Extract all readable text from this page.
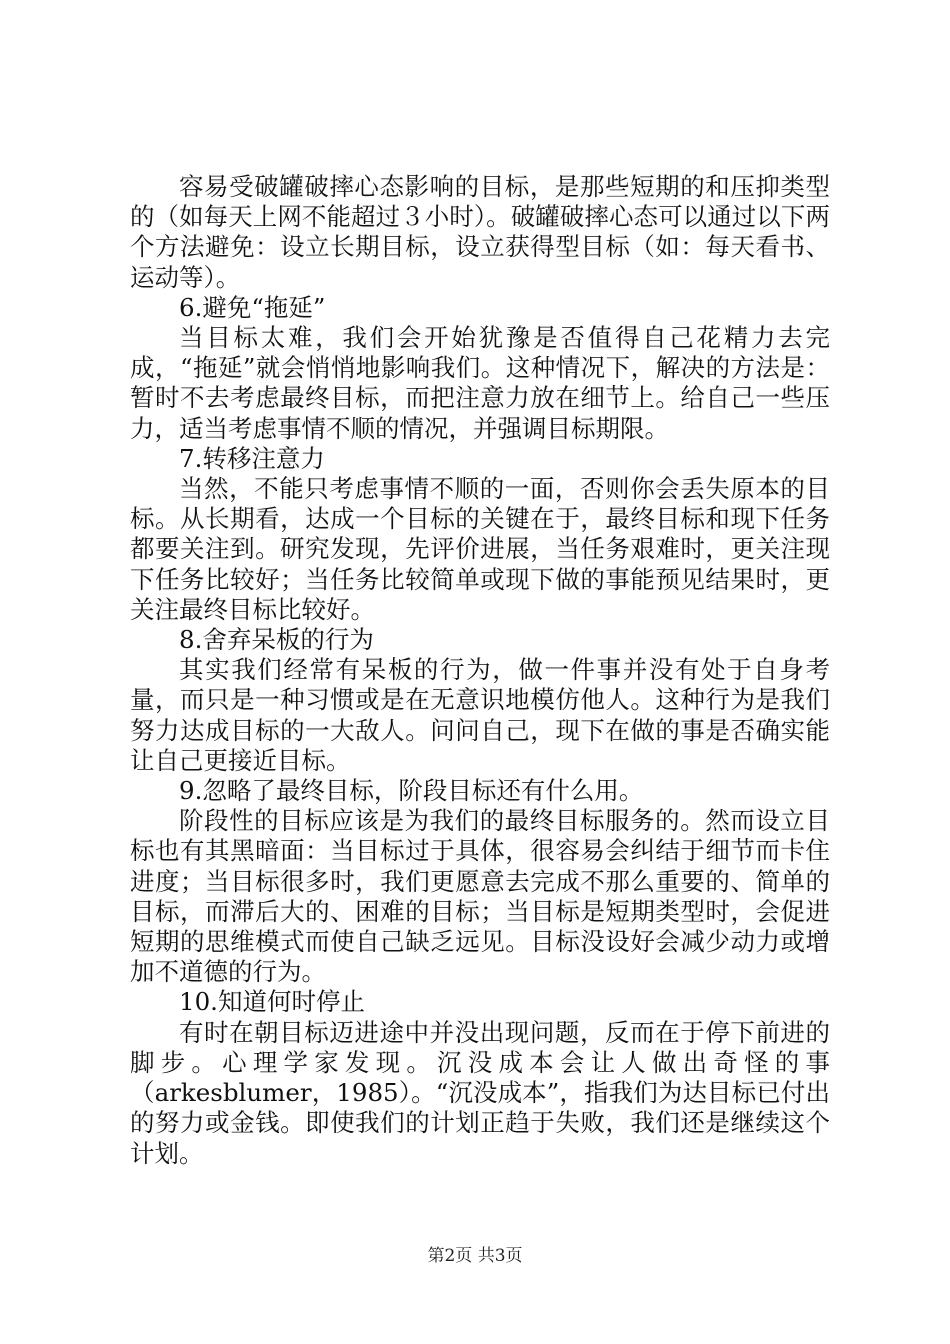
容易受破罐破摔心态影响的目标，是那些短期的和压抑类型的（如每天上网不能超过３小时）。破罐破摔心态可以通过以下两个方法避免：设立长期目标，设立获得型目标（如：每天看书、运动等）。

6.避免“拖延”

当目标太难，我们会开始犹豫是否值得自己花精力去完成，“拖延”就会悄悄地影响我们。这种情况下，解决的方法是：暂时不去考虑最终目标，而把注意力放在细节上。给自己一些压力，适当考虑事情不顺的情况，并强调目标期限。

7.转移注意力

当然，不能只考虑事情不顺的一面，否则你会丢失原本的目标。从长期看，达成一个目标的关键在于，最终目标和现下任务都要关注到。研究发现，先评价进展，当任务艰难时，更关注现下任务比较好；当任务比较简单或现下做的事能预见结果时，更关注最终目标比较好。

8.舍弃呆板的行为

其实我们经常有呆板的行为，做一件事并没有处于自身考量，而只是一种习惯或是在无意识地模仿他人。这种行为是我们努力达成目标的一大敌人。问问自己，现下在做的事是否确实能让自己更接近目标。

9.忽略了最终目标，阶段目标还有什么用。

阶段性的目标应该是为我们的最终目标服务的。然而设立目标也有其黑暗面：当目标过于具体，很容易会纠结于细节而卡住进度；当目标很多时，我们更愿意去完成不那么重要的、简单的目标，而滞后大的、困难的目标；当目标是短期类型时，会促进短期的思维模式而使自己缺乏远见。目标没设好会减少动力或增加不道德的行为。

10.知道何时停止

有时在朝目标迈进途中并没出现问题，反而在于停下前进的脚步。心理学家发现。沉没成本会让人做出奇怪的事（arkesblumer，1985）。“沉没成本”，指我们为达目标已付出的努力或金钱。即使我们的计划正趋于失败，我们还是继续这个计划。

第2页 共3页
